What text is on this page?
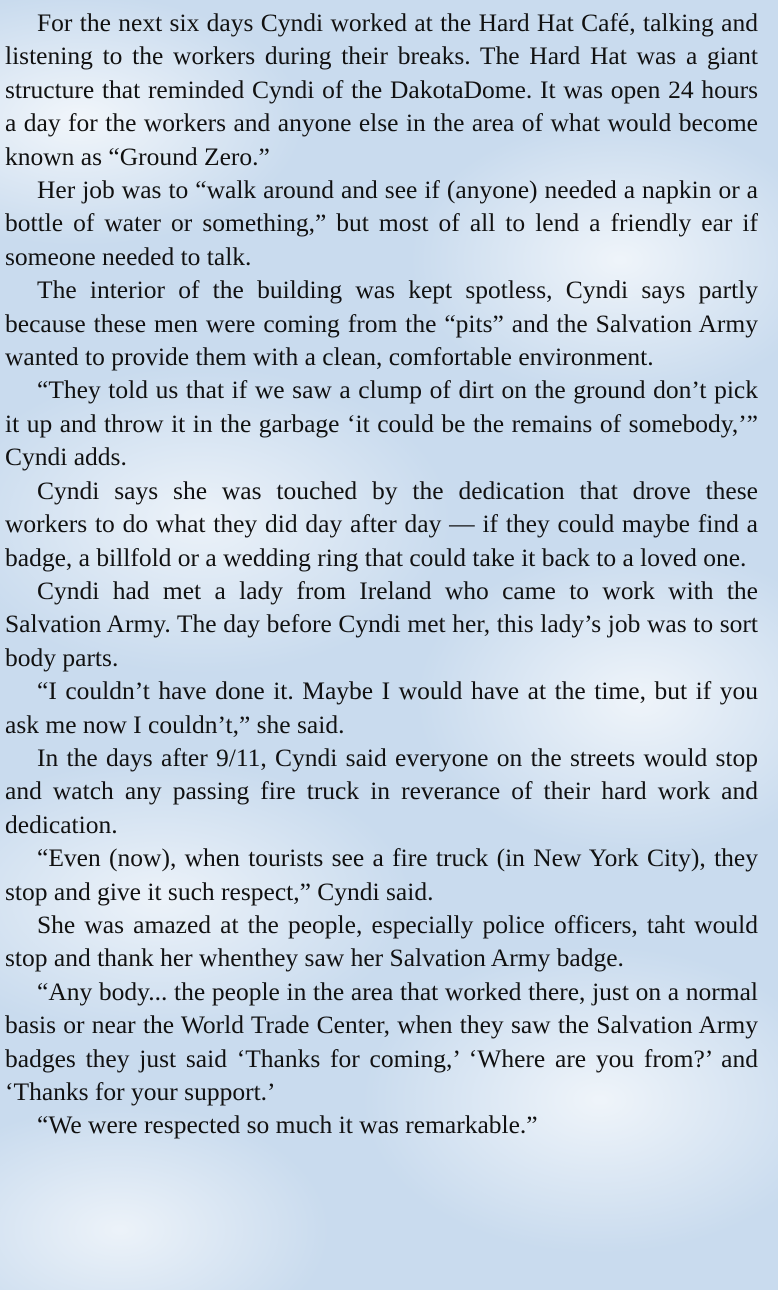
For the next six days Cyndi worked at the Hard Hat Café, talking and listening to the workers during their breaks. The Hard Hat was a giant structure that reminded Cyndi of the DakotaDome. It was open 24 hours a day for the workers and anyone else in the area of what would become known as “Ground Zero.”

Her job was to “walk around and see if (anyone) needed a napkin or a bottle of water or something,” but most of all to lend a friendly ear if someone needed to talk.

The interior of the building was kept spotless, Cyndi says partly because these men were coming from the “pits” and the Salvation Army wanted to provide them with a clean, comfortable environment.

“They told us that if we saw a clump of dirt on the ground don’t pick it up and throw it in the garbage ‘it could be the remains of somebody,’” Cyndi adds.

Cyndi says she was touched by the dedication that drove these workers to do what they did day after day — if they could maybe find a badge, a billfold or a wedding ring that could take it back to a loved one.

Cyndi had met a lady from Ireland who came to work with the Salvation Army. The day before Cyndi met her, this lady’s job was to sort body parts.

“I couldn’t have done it. Maybe I would have at the time, but if you ask me now I couldn’t,” she said.

In the days after 9/11, Cyndi said everyone on the streets would stop and watch any passing fire truck in reverance of their hard work and dedication.

“Even (now), when tourists see a fire truck (in New York City), they stop and give it such respect,” Cyndi said.

She was amazed at the people, especially police officers, taht would stop and thank her whenthey saw her Salvation Army badge.

“Any body... the people in the area that worked there, just on a normal basis or near the World Trade Center, when they saw the Salvation Army badges they just said ‘Thanks for coming,’ ‘Where are you from?’ and ‘Thanks for your support.’

“We were respected so much it was remarkable.”
